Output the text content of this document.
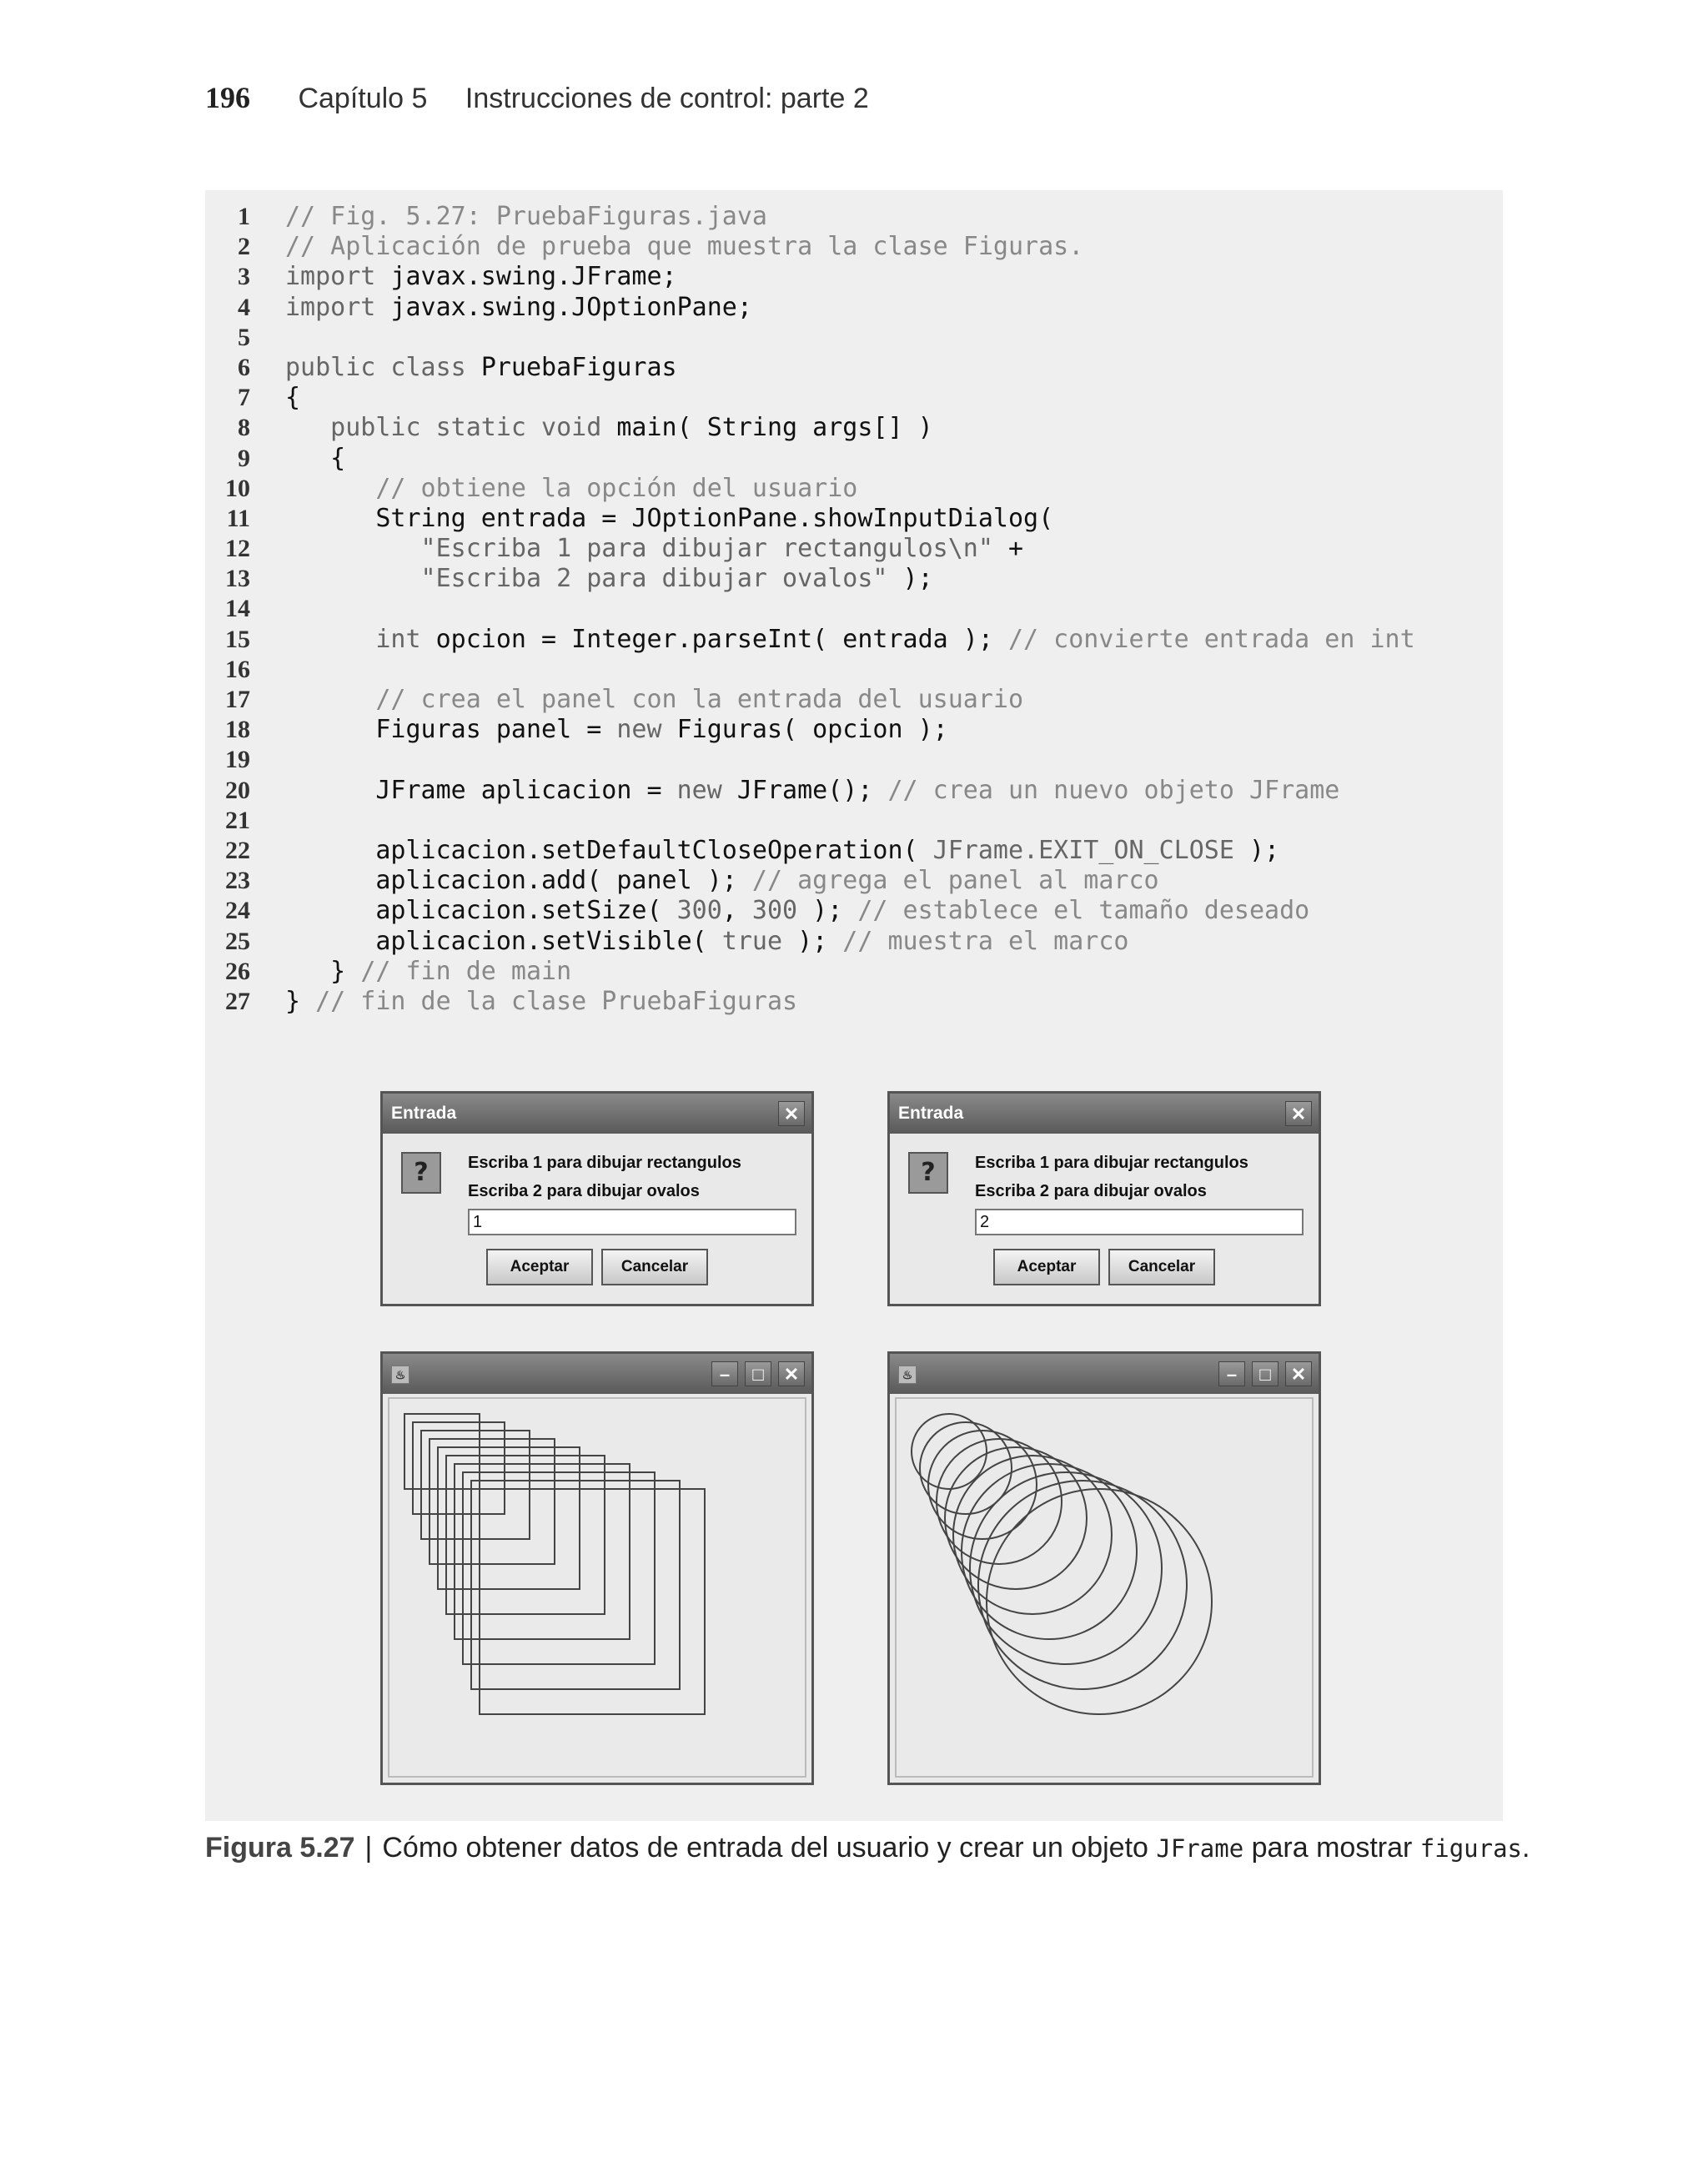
196 Capítulo 5 Instrucciones de control: parte 2
1 // Fig. 5.27: PruebaFiguras.java
2 // Aplicación de prueba que muestra la clase Figuras.
3 import javax.swing.JFrame;
4 import javax.swing.JOptionPane;
5
6 public class PruebaFiguras
7 {
8 public static void main( String args[] )
9 {
10 // obtiene la opción del usuario
11 String entrada = JOptionPane.showInputDialog(
12 "Escriba 1 para dibujar rectangulos\n" +
13 "Escriba 2 para dibujar ovalos" );
14
15 int opcion = Integer.parseInt( entrada ); // convierte entrada en int
16
17 // crea el panel con la entrada del usuario
18 Figuras panel = new Figuras( opcion );
19
20 JFrame aplicacion = new JFrame(); // crea un nuevo objeto JFrame
21
22 aplicacion.setDefaultCloseOperation( JFrame.EXIT_ON_CLOSE );
23 aplicacion.add( panel ); // agrega el panel al marco
24 aplicacion.setSize( 300, 300 ); // establece el tamaño deseado
25 aplicacion.setVisible( true ); // muestra el marco
26 } // fin de main
27 } // fin de la clase PruebaFiguras
Entrada	✕
?	Escriba 1 para dibujar rectangulos
Escriba 2 para dibujar ovalos
1
Aceptar	Cancelar
Entrada	✕
?	Escriba 1 para dibujar rectangulos
Escriba 2 para dibujar ovalos
2
Aceptar	Cancelar
♨	–	□	✕	♨	–	□	✕
Figura 5.27 | Cómo obtener datos de entrada del usuario y crear un objeto JFrame para mostrar figuras.
